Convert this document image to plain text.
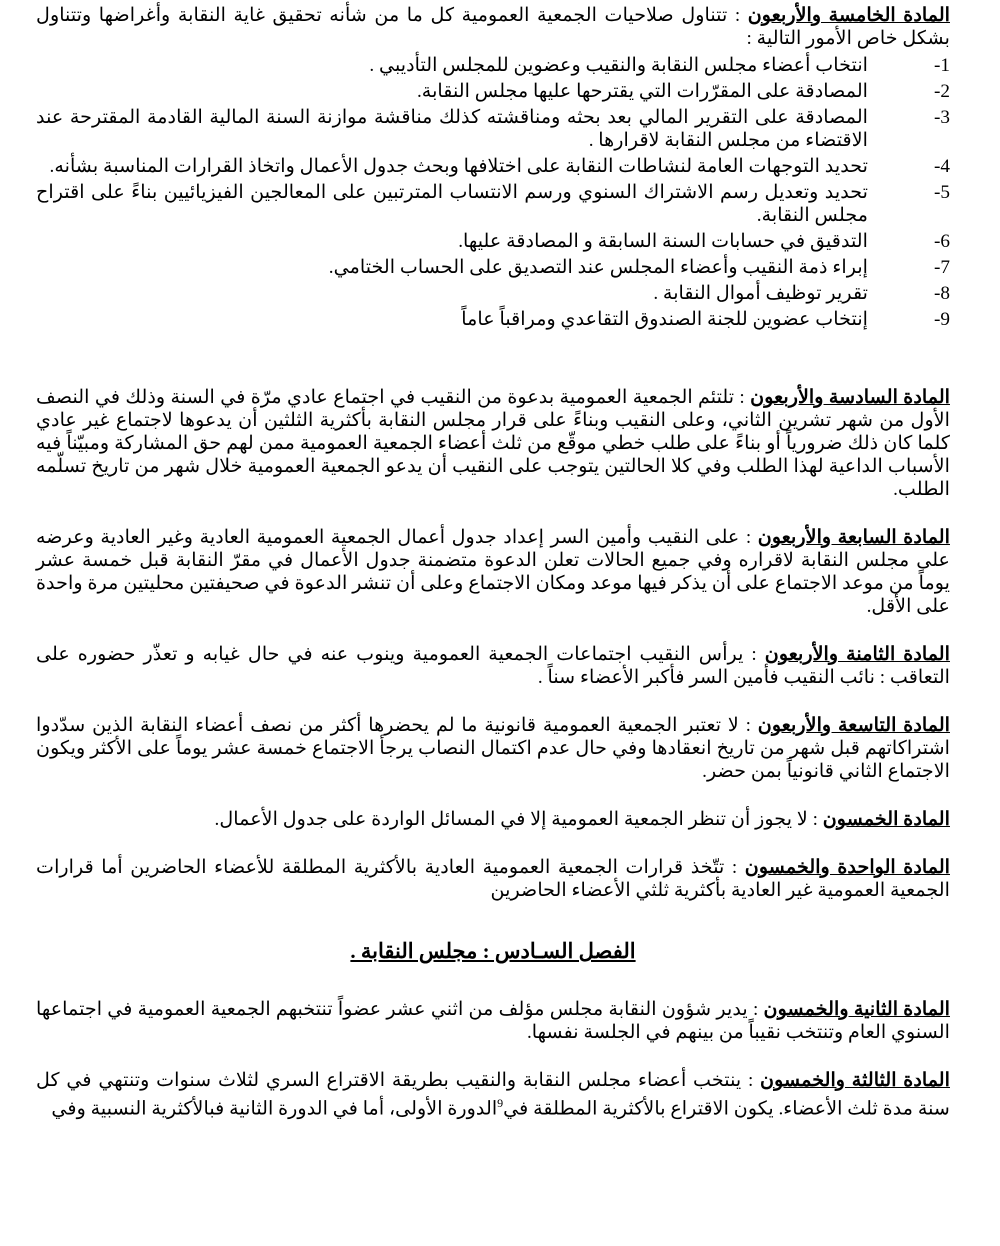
المادة الخامسة والأربعون : تتناول صلاحيات الجمعية العمومية كل ما من شأنه تحقيق غاية النقابة وأغراضها وتتناول بشكل خاص الأمور التالية :

-1
انتخاب أعضاء مجلس النقابة والنقيب وعضوين للمجلس التأديبي .
-2
المصادقة على المقرّرات التي يقترحها عليها مجلس النقابة.
-3
المصادقة على التقرير المالي بعد بحثه ومناقشته كذلك مناقشة موازنة السنة المالية القادمة المقترحة عند الاقتضاء من مجلس النقابة لاقرارها .
-4
تحديد التوجهات العامة لنشاطات النقابة على اختلافها وبحث جدول الأعمال واتخاذ القرارات المناسبة بشأنه.
-5
تحديد وتعديل رسم الاشتراك السنوي ورسم الانتساب المترتبين على المعالجين الفيزيائيين بناءً على اقتراح مجلس النقابة.
-6
التدقيق في حسابات السنة السابقة و المصادقة عليها.
-7
إبراء ذمة النقيب وأعضاء المجلس عند التصديق على الحساب الختامي.
-8
تقرير توظيف أموال النقابة .
-9
إنتخاب عضوين للجنة الصندوق التقاعدي ومراقباً عاماً

المادة السادسة والأربعون : تلتئم الجمعية العمومية بدعوة من النقيب في اجتماع عادي مرّة في السنة وذلك في النصف الأول من شهر تشرين الثاني، وعلى النقيب وبناءً على قرار مجلس النقابة بأكثرية الثلثين أن يدعوها لاجتماع غير عادي كلما كان ذلك ضرورياً أو بناءً على طلب خطي موقّع من ثلث أعضاء الجمعية العمومية ممن لهم حق المشاركة ومبيّناً فيه الأسباب الداعية لهذا الطلب وفي كلا الحالتين يتوجب على النقيب أن يدعو الجمعية العمومية خلال شهر من تاريخ تسلّمه الطلب.

المادة السابعة والأربعون : على النقيب وأمين السر إعداد جدول أعمال الجمعية العمومية العادية وغير العادية وعرضه على مجلس النقابة لاقراره وفي جميع الحالات تعلن الدعوة متضمنة جدول الأعمال في مقرّ النقابة قبل خمسة عشر يوماً من موعد الاجتماع على أن يذكر فيها موعد ومكان الاجتماع وعلى أن تنشر الدعوة في صحيفتين محليتين مرة واحدة على الأقل.

المادة الثامنة والأربعون : يرأس النقيب اجتماعات الجمعية العمومية وينوب عنه في حال غيابه و تعذّر حضوره على التعاقب : نائب النقيب فأمين السر فأكبر الأعضاء سناً .

المادة التاسعة والأربعون : لا تعتبر الجمعية العمومية قانونية ما لم يحضرها أكثر من نصف أعضاء النقابة الذين سدّدوا اشتراكاتهم قبل شهر من تاريخ انعقادها وفي حال عدم اكتمال النصاب يرجأ الاجتماع خمسة عشر يوماً على الأكثر ويكون الاجتماع الثاني قانونياً بمن حضر.

المادة الخمسون : لا يجوز أن تنظر الجمعية العمومية إلا في المسائل الواردة على جدول الأعمال.

المادة الواحدة والخمسون : تتّخذ قرارات الجمعية العمومية العادية بالأكثرية المطلقة للأعضاء الحاضرين أما قرارات الجمعية العمومية غير العادية بأكثرية ثلثي الأعضاء الحاضرين

الفصل السـادس : مجلس النقابة .

المادة الثانية والخمسون : يدير شؤون النقابة مجلس مؤلف من اثني عشر عضواً تنتخبهم الجمعية العمومية في اجتماعها السنوي العام وتنتخب نقيباً من بينهم في الجلسة نفسها.

المادة الثالثة والخمسون : ينتخب أعضاء مجلس النقابة والنقيب بطريقة الاقتراع السري لثلاث سنوات وتنتهي في كل سنة مدة ثلث الأعضاء. يكون الاقتراع بالأكثرية المطلقة في$^9$الدورة الأولى، أما في الدورة الثانية فبالأكثرية النسبية وفي
